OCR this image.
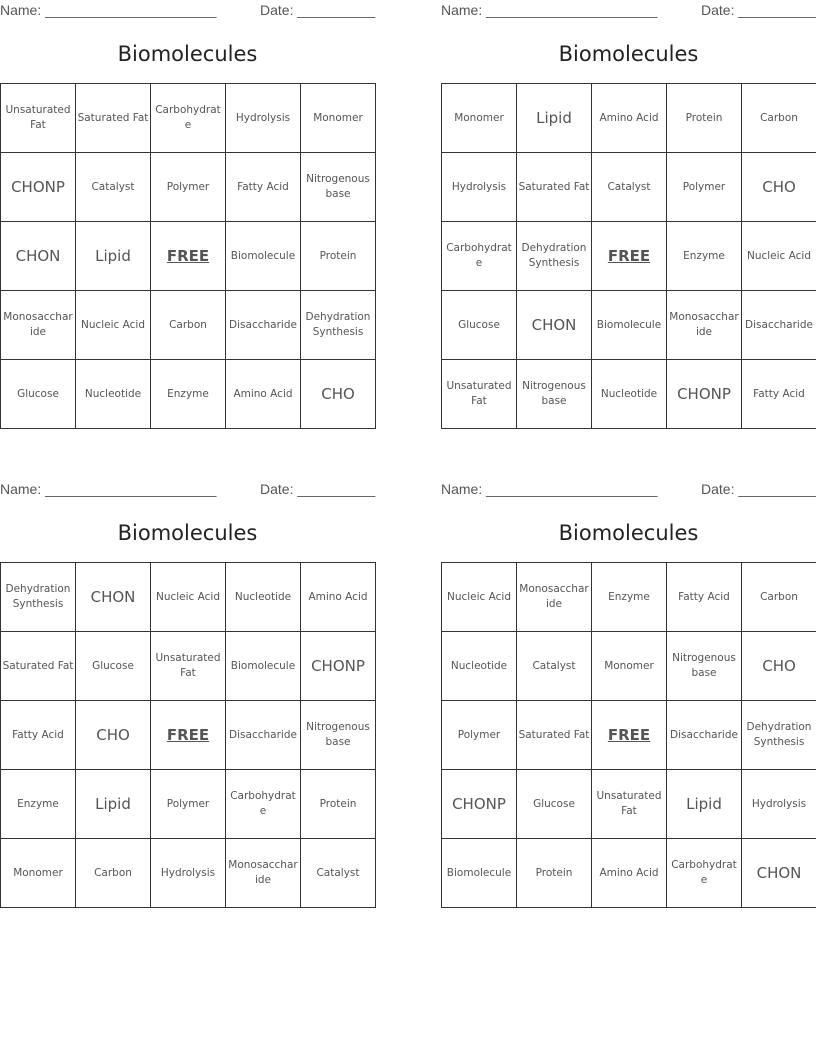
Name: ______________________	Date: __________
Biomolecules
Unsaturated Fat	Saturated Fat	Carbohydrate	Hydrolysis	Monomer
CHONP	Catalyst	Polymer	Fatty Acid	Nitrogenous base
CHON	Lipid	FREE	Biomolecule	Protein
Monosaccharide	Nucleic Acid	Carbon	Disaccharide	Dehydration Synthesis
Glucose	Nucleotide	Enzyme	Amino Acid	CHO
Name: ______________________	Date: __________
Biomolecules
Monomer	Lipid	Amino Acid	Protein	Carbon
Hydrolysis	Saturated Fat	Catalyst	Polymer	CHO
Carbohydrate	Dehydration Synthesis	FREE	Enzyme	Nucleic Acid
Glucose	CHON	Biomolecule	Monosaccharide	Disaccharide
Unsaturated Fat	Nitrogenous base	Nucleotide	CHONP	Fatty Acid
Name: ______________________	Date: __________
Biomolecules
Dehydration Synthesis	CHON	Nucleic Acid	Nucleotide	Amino Acid
Saturated Fat	Glucose	Unsaturated Fat	Biomolecule	CHONP
Fatty Acid	CHO	FREE	Disaccharide	Nitrogenous base
Enzyme	Lipid	Polymer	Carbohydrate	Protein
Monomer	Carbon	Hydrolysis	Monosaccharide	Catalyst
Name: ______________________	Date: __________
Biomolecules
Nucleic Acid	Monosaccharide	Enzyme	Fatty Acid	Carbon
Nucleotide	Catalyst	Monomer	Nitrogenous base	CHO
Polymer	Saturated Fat	FREE	Disaccharide	Dehydration Synthesis
CHONP	Glucose	Unsaturated Fat	Lipid	Hydrolysis
Biomolecule	Protein	Amino Acid	Carbohydrate	CHON
